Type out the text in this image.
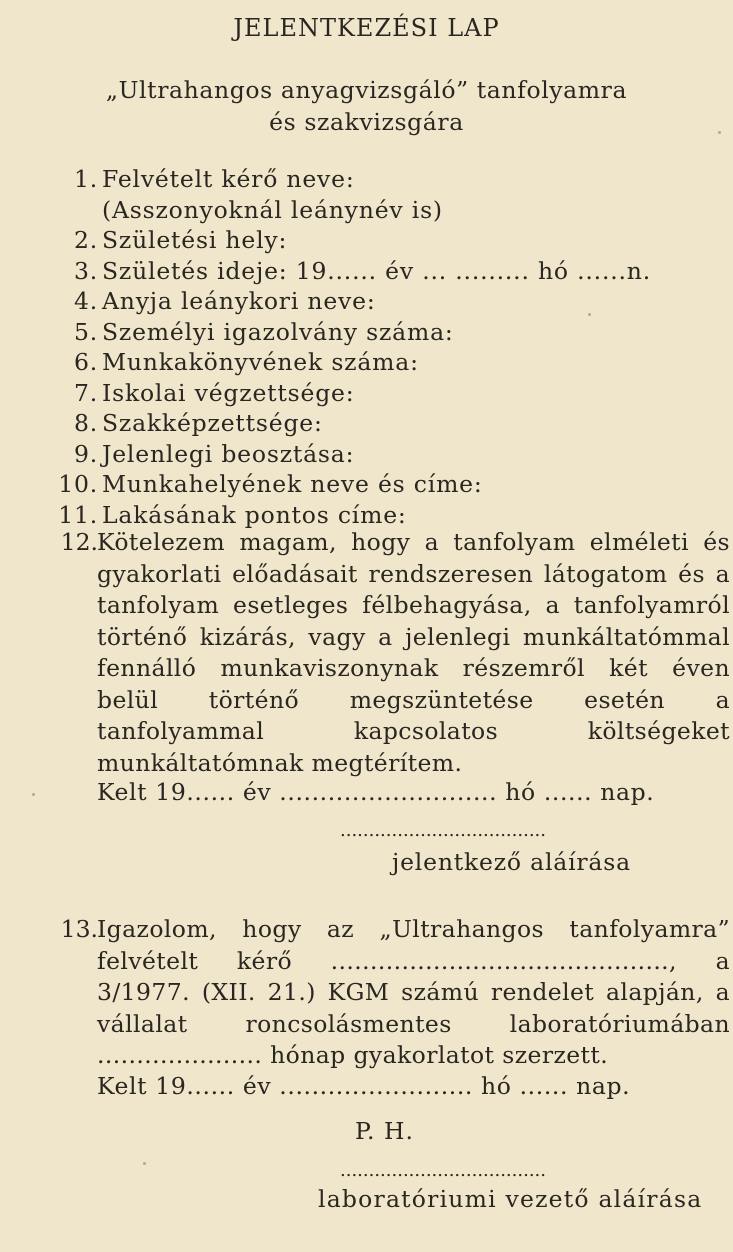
JELENTKEZÉSI LAP
„Ultrahangos anyagvizsgáló” tanfolyamra
és szakvizsgára
1. Felvételt kérő neve:
(Asszonyoknál leánynév is)
2. Születési hely:
3. Születés ideje: 19...... év ... ......... hó ......n.
4. Anyja leánykori neve:
5. Személyi igazolvány száma:
6. Munkakönyvének száma:
7. Iskolai végzettsége:
8. Szakképzettsége:
9. Jelenlegi beosztása:
10. Munkahelyének neve és címe:
11. Lakásának pontos címe:
12. Kötelezem magam, hogy a tanfolyam elméleti és gyakorlati előadásait rendszeresen látogatom és a tanfolyam esetleges félbehagyása, a tanfolyamról történő kizárás, vagy a jelenlegi munkáltatómmal fennálló munkaviszonynak részemről két éven belül történő megszüntetése esetén a tanfolyammal kapcsolatos költségeket munkáltatómnak megtérítem.
Kelt 19...... év ........................... hó ...... nap.
....................................
jelentkező aláírása
13. Igazolom, hogy az „Ultrahangos tanfolyamra” felvételt kérő ..........................................., a 3/1977. (XII. 21.) KGM számú rendelet alapján, a vállalat roncsolásmentes laboratóriumában ..................... hónap gyakorlatot szerzett.
Kelt 19...... év ........................ hó ...... nap.
P. H.
....................................
laboratóriumi vezető aláírása
